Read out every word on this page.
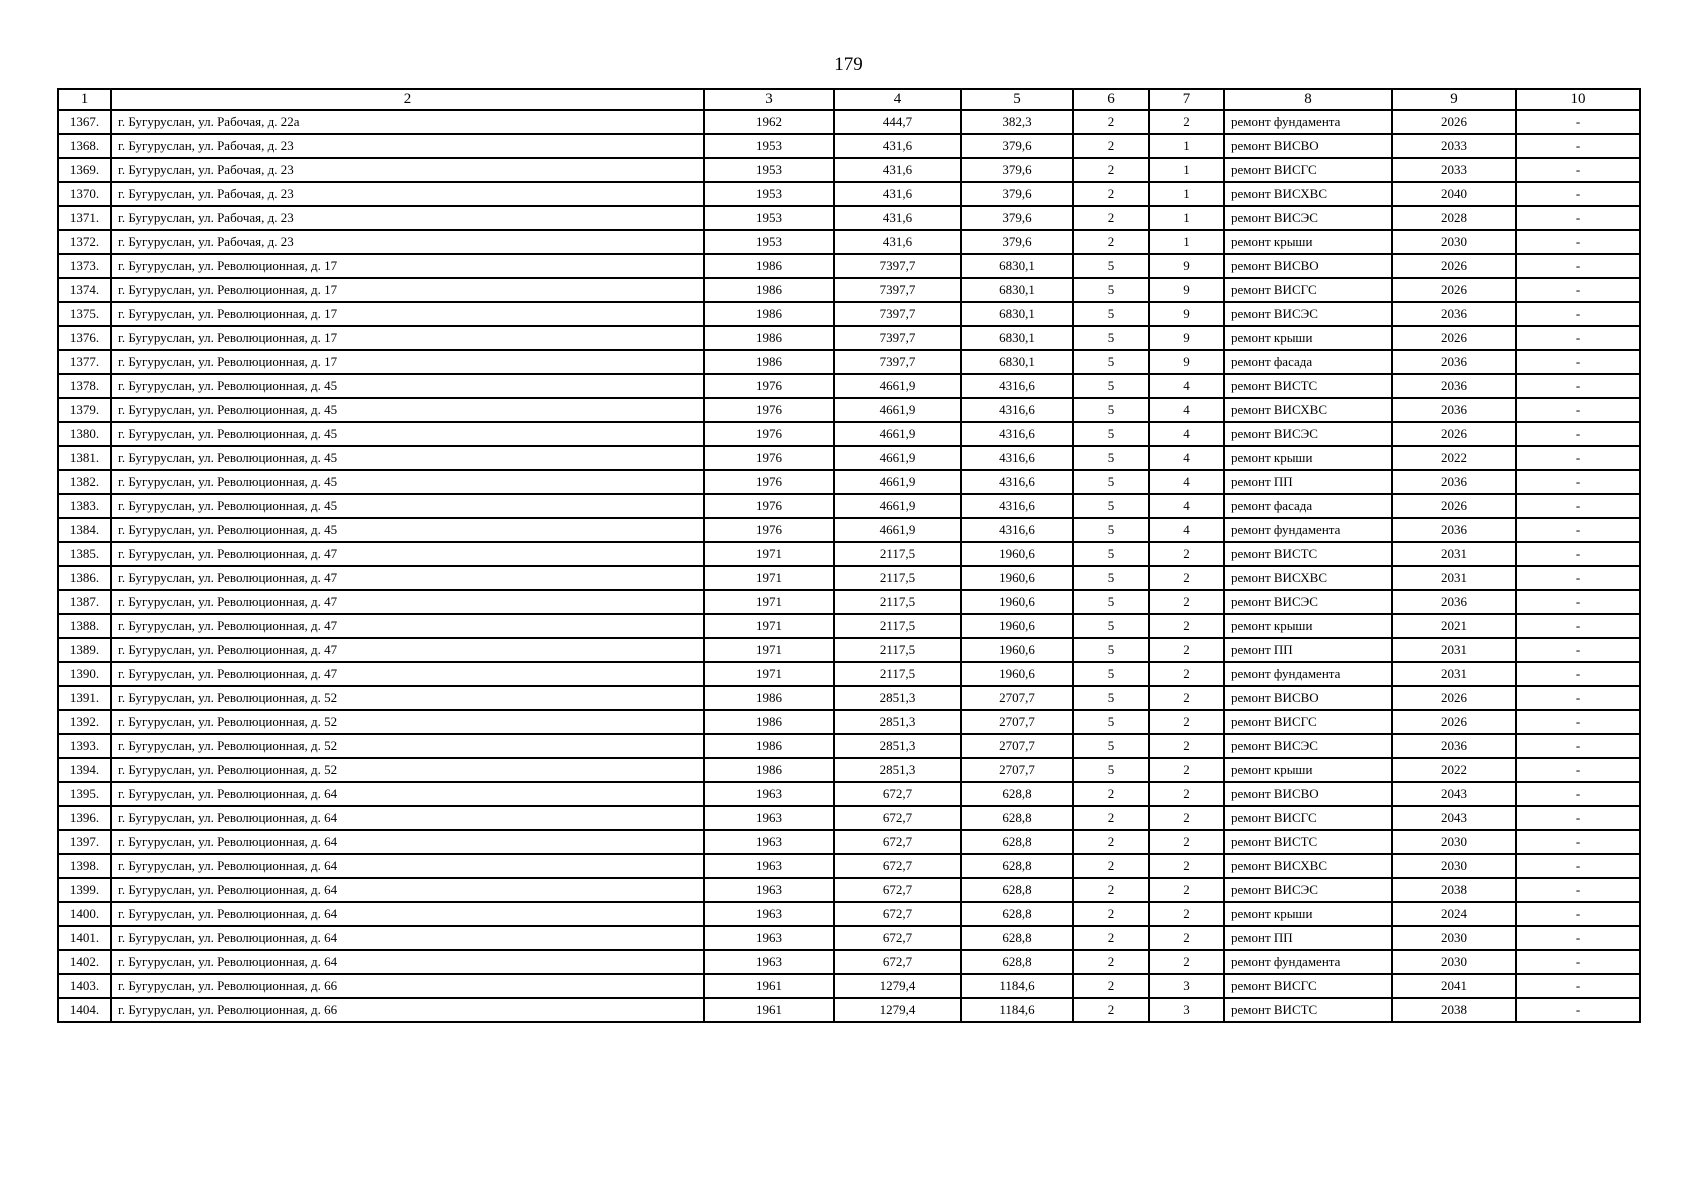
179
1	2	3	4	5	6	7	8	9	10
1367.	г. Бугуруслан, ул. Рабочая, д. 22а	1962	444,7	382,3	2	2	ремонт фундамента	2026	-
1368.	г. Бугуруслан, ул. Рабочая, д. 23	1953	431,6	379,6	2	1	ремонт ВИСВО	2033	-
1369.	г. Бугуруслан, ул. Рабочая, д. 23	1953	431,6	379,6	2	1	ремонт ВИСГС	2033	-
1370.	г. Бугуруслан, ул. Рабочая, д. 23	1953	431,6	379,6	2	1	ремонт ВИСХВС	2040	-
1371.	г. Бугуруслан, ул. Рабочая, д. 23	1953	431,6	379,6	2	1	ремонт ВИСЭС	2028	-
1372.	г. Бугуруслан, ул. Рабочая, д. 23	1953	431,6	379,6	2	1	ремонт крыши	2030	-
1373.	г. Бугуруслан, ул. Революционная, д. 17	1986	7397,7	6830,1	5	9	ремонт ВИСВО	2026	-
1374.	г. Бугуруслан, ул. Революционная, д. 17	1986	7397,7	6830,1	5	9	ремонт ВИСГС	2026	-
1375.	г. Бугуруслан, ул. Революционная, д. 17	1986	7397,7	6830,1	5	9	ремонт ВИСЭС	2036	-
1376.	г. Бугуруслан, ул. Революционная, д. 17	1986	7397,7	6830,1	5	9	ремонт крыши	2026	-
1377.	г. Бугуруслан, ул. Революционная, д. 17	1986	7397,7	6830,1	5	9	ремонт фасада	2036	-
1378.	г. Бугуруслан, ул. Революционная, д. 45	1976	4661,9	4316,6	5	4	ремонт ВИСТС	2036	-
1379.	г. Бугуруслан, ул. Революционная, д. 45	1976	4661,9	4316,6	5	4	ремонт ВИСХВС	2036	-
1380.	г. Бугуруслан, ул. Революционная, д. 45	1976	4661,9	4316,6	5	4	ремонт ВИСЭС	2026	-
1381.	г. Бугуруслан, ул. Революционная, д. 45	1976	4661,9	4316,6	5	4	ремонт крыши	2022	-
1382.	г. Бугуруслан, ул. Революционная, д. 45	1976	4661,9	4316,6	5	4	ремонт ПП	2036	-
1383.	г. Бугуруслан, ул. Революционная, д. 45	1976	4661,9	4316,6	5	4	ремонт фасада	2026	-
1384.	г. Бугуруслан, ул. Революционная, д. 45	1976	4661,9	4316,6	5	4	ремонт фундамента	2036	-
1385.	г. Бугуруслан, ул. Революционная, д. 47	1971	2117,5	1960,6	5	2	ремонт ВИСТС	2031	-
1386.	г. Бугуруслан, ул. Революционная, д. 47	1971	2117,5	1960,6	5	2	ремонт ВИСХВС	2031	-
1387.	г. Бугуруслан, ул. Революционная, д. 47	1971	2117,5	1960,6	5	2	ремонт ВИСЭС	2036	-
1388.	г. Бугуруслан, ул. Революционная, д. 47	1971	2117,5	1960,6	5	2	ремонт крыши	2021	-
1389.	г. Бугуруслан, ул. Революционная, д. 47	1971	2117,5	1960,6	5	2	ремонт ПП	2031	-
1390.	г. Бугуруслан, ул. Революционная, д. 47	1971	2117,5	1960,6	5	2	ремонт фундамента	2031	-
1391.	г. Бугуруслан, ул. Революционная, д. 52	1986	2851,3	2707,7	5	2	ремонт ВИСВО	2026	-
1392.	г. Бугуруслан, ул. Революционная, д. 52	1986	2851,3	2707,7	5	2	ремонт ВИСГС	2026	-
1393.	г. Бугуруслан, ул. Революционная, д. 52	1986	2851,3	2707,7	5	2	ремонт ВИСЭС	2036	-
1394.	г. Бугуруслан, ул. Революционная, д. 52	1986	2851,3	2707,7	5	2	ремонт крыши	2022	-
1395.	г. Бугуруслан, ул. Революционная, д. 64	1963	672,7	628,8	2	2	ремонт ВИСВО	2043	-
1396.	г. Бугуруслан, ул. Революционная, д. 64	1963	672,7	628,8	2	2	ремонт ВИСГС	2043	-
1397.	г. Бугуруслан, ул. Революционная, д. 64	1963	672,7	628,8	2	2	ремонт ВИСТС	2030	-
1398.	г. Бугуруслан, ул. Революционная, д. 64	1963	672,7	628,8	2	2	ремонт ВИСХВС	2030	-
1399.	г. Бугуруслан, ул. Революционная, д. 64	1963	672,7	628,8	2	2	ремонт ВИСЭС	2038	-
1400.	г. Бугуруслан, ул. Революционная, д. 64	1963	672,7	628,8	2	2	ремонт крыши	2024	-
1401.	г. Бугуруслан, ул. Революционная, д. 64	1963	672,7	628,8	2	2	ремонт ПП	2030	-
1402.	г. Бугуруслан, ул. Революционная, д. 64	1963	672,7	628,8	2	2	ремонт фундамента	2030	-
1403.	г. Бугуруслан, ул. Революционная, д. 66	1961	1279,4	1184,6	2	3	ремонт ВИСГС	2041	-
1404.	г. Бугуруслан, ул. Революционная, д. 66	1961	1279,4	1184,6	2	3	ремонт ВИСТС	2038	-
